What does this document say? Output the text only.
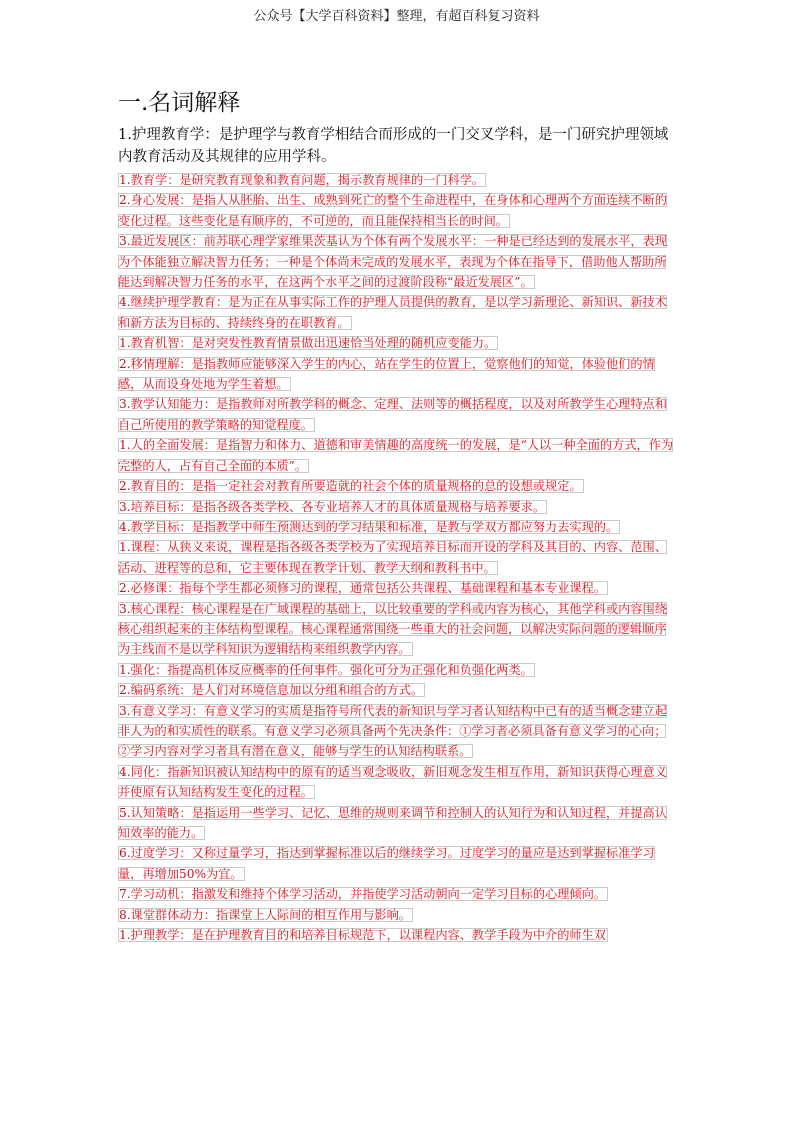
公众号【大学百科资料】整理，有超百科复习资料
一.名词解释
1.护理教育学：是护理学与教育学相结合而形成的一门交叉学科，是一门研究护理领域内教育活动及其规律的应用学科。
1.教育学：是研究教育现象和教育问题，揭示教育规律的一门科学。
2.身心发展：是指人从胚胎、出生、成熟到死亡的整个生命进程中，在身体和心理两个方面连续不断的变化过程。这些变化是有顺序的，不可逆的，而且能保持相当长的时间。
3.最近发展区：前苏联心理学家维果茨基认为个体有两个发展水平：一种是已经达到的发展水平，表现为个体能独立解决智力任务；一种是个体尚未完成的发展水平，表现为个体在指导下，借助他人帮助所能达到解决智力任务的水平，在这两个水平之间的过渡阶段称“最近发展区”。
4.继续护理学教育：是为正在从事实际工作的护理人员提供的教育，是以学习新理论、新知识、新技术和新方法为目标的、持续终身的在职教育。
1.教育机智：是对突发性教育情景做出迅速恰当处理的随机应变能力。
2.移情理解：是指教师应能够深入学生的内心，站在学生的位置上，觉察他们的知觉，体验他们的情感，从而设身处地为学生着想。
3.教学认知能力：是指教师对所教学科的概念、定理、法则等的概括程度，以及对所教学生心理特点和自己所使用的教学策略的知觉程度。
1.人的全面发展：是指智力和体力、道德和审美情趣的高度统一的发展，是“人以一种全面的方式，作为完整的人，占有自己全面的本质”。
2.教育目的：是指一定社会对教育所要造就的社会个体的质量规格的总的设想或规定。
3.培养目标：是指各级各类学校、各专业培养人才的具体质量规格与培养要求。
4.教学目标：是指教学中师生预测达到的学习结果和标准，是教与学双方都应努力去实现的。
1.课程：从狭义来说，课程是指各级各类学校为了实现培养目标而开设的学科及其目的、内容、范围、活动、进程等的总和，它主要体现在教学计划、教学大纲和教科书中。
2.必修课：指每个学生都必须修习的课程，通常包括公共课程、基础课程和基本专业课程。
3.核心课程：核心课程是在广域课程的基础上，以比较重要的学科或内容为核心，其他学科或内容围绕核心组织起来的主体结构型课程。核心课程通常围绕一些重大的社会问题，以解决实际问题的逻辑顺序为主线而不是以学科知识为逻辑结构来组织教学内容。
1.强化：指提高机体反应概率的任何事件。强化可分为正强化和负强化两类。
2.编码系统：是人们对环境信息加以分组和组合的方式。
3.有意义学习：有意义学习的实质是指符号所代表的新知识与学习者认知结构中已有的适当概念建立起非人为的和实质性的联系。有意义学习必须具备两个先决条件：①学习者必须具备有意义学习的心向；②学习内容对学习者具有潜在意义，能够与学生的认知结构联系。
4.同化：指新知识被认知结构中的原有的适当观念吸收，新旧观念发生相互作用，新知识获得心理意义并使原有认知结构发生变化的过程。
5.认知策略：是指运用一些学习、记忆、思维的规则来调节和控制人的认知行为和认知过程，并提高认知效率的能力。
6.过度学习：又称过量学习，指达到掌握标准以后的继续学习。过度学习的量应是达到掌握标准学习量，再增加50%为宜。
7.学习动机：指激发和维持个体学习活动，并指使学习活动朝向一定学习目标的心理倾向。
8.课堂群体动力：指课堂上人际间的相互作用与影响。
1.护理教学：是在护理教育目的和培养目标规范下，以课程内容、教学手段为中介的师生双
